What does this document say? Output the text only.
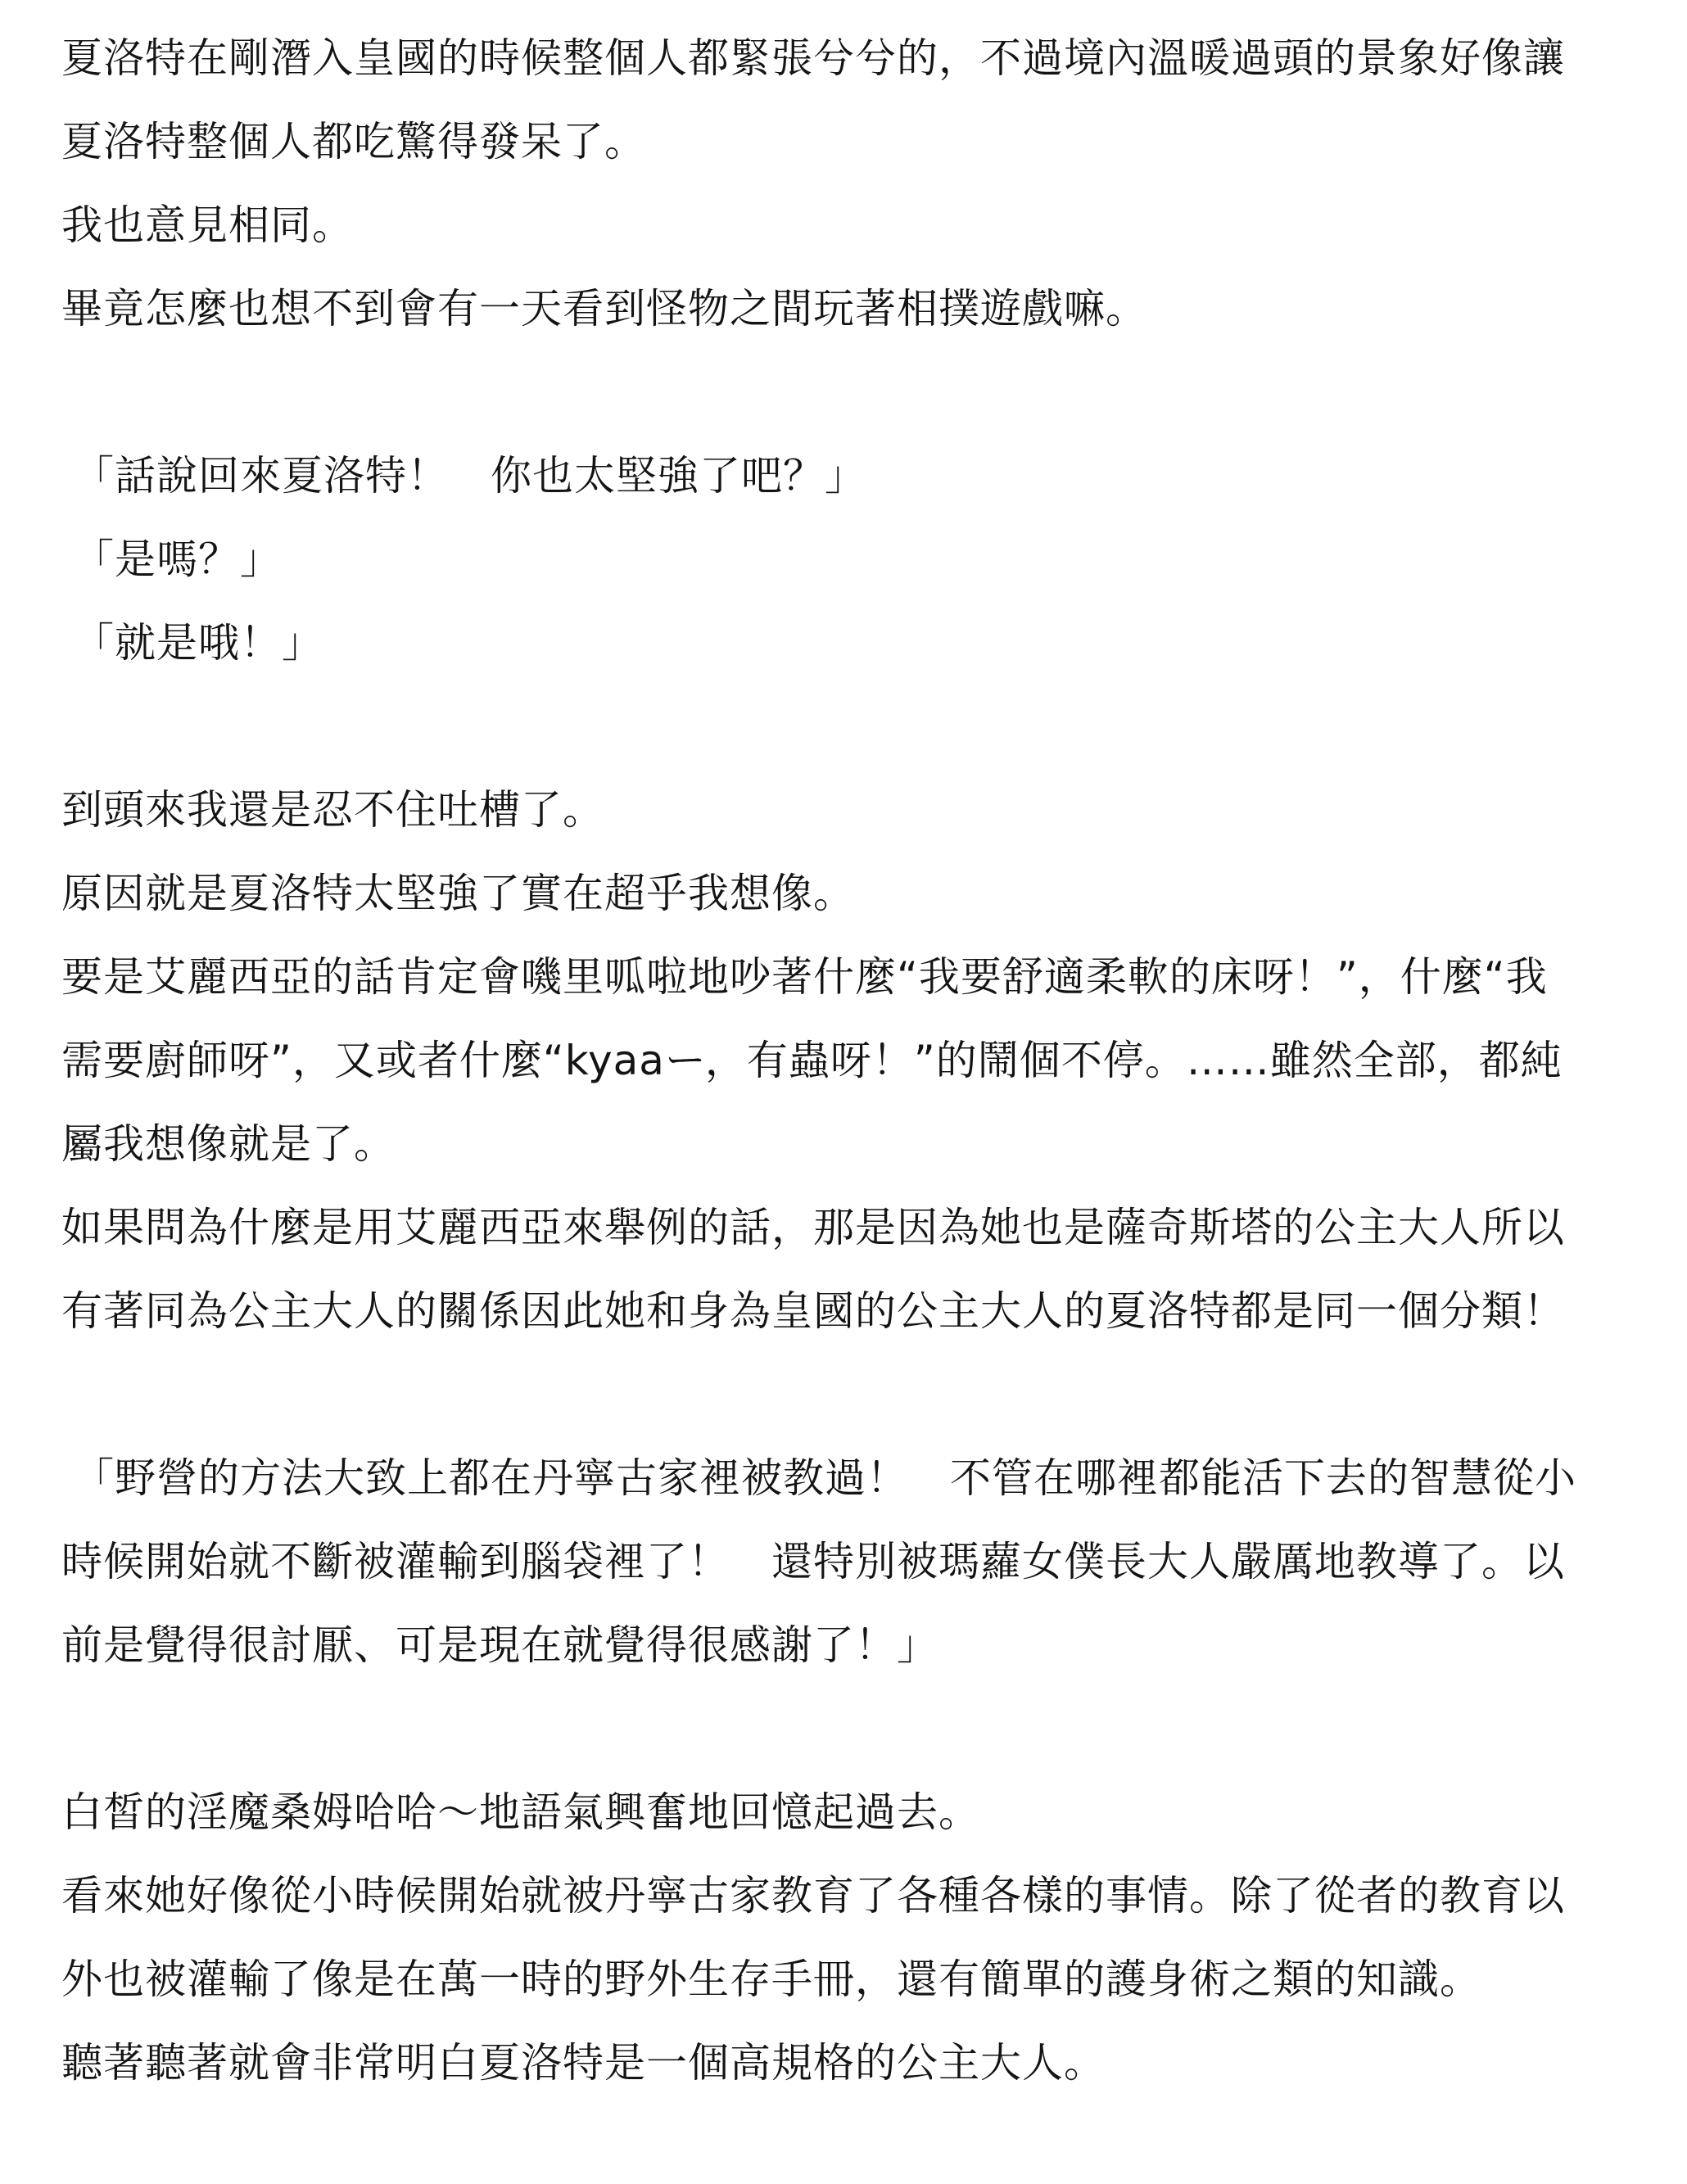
夏洛特在剛潛入皇國的時候整個人都緊張兮兮的，不過境內溫暖過頭的景象好像讓

夏洛特整個人都吃驚得發呆了。

我也意見相同。

畢竟怎麼也想不到會有一天看到怪物之間玩著相撲遊戲嘛。

「話說回來夏洛特！　你也太堅強了吧？」

「是嗎？」

「就是哦！」

到頭來我還是忍不住吐槽了。

原因就是夏洛特太堅強了實在超乎我想像。

要是艾麗西亞的話肯定會嘰里呱啦地吵著什麼“我要舒適柔軟的床呀！”，什麼“我

需要廚師呀”，又或者什麼“kyaaー，有蟲呀！”的鬧個不停。……雖然全部，都純

屬我想像就是了。

如果問為什麼是用艾麗西亞來舉例的話，那是因為她也是薩奇斯塔的公主大人所以

有著同為公主大人的關係因此她和身為皇國的公主大人的夏洛特都是同一個分類！

「野營的方法大致上都在丹寧古家裡被教過！　不管在哪裡都能活下去的智慧從小

時候開始就不斷被灌輸到腦袋裡了！　還特別被瑪蘿女僕長大人嚴厲地教導了。以

前是覺得很討厭、可是現在就覺得很感謝了！」

白皙的淫魔桑姆哈哈～地語氣興奮地回憶起過去。

看來她好像從小時候開始就被丹寧古家教育了各種各樣的事情。除了從者的教育以

外也被灌輸了像是在萬一時的野外生存手冊，還有簡單的護身術之類的知識。

聽著聽著就會非常明白夏洛特是一個高規格的公主大人。
